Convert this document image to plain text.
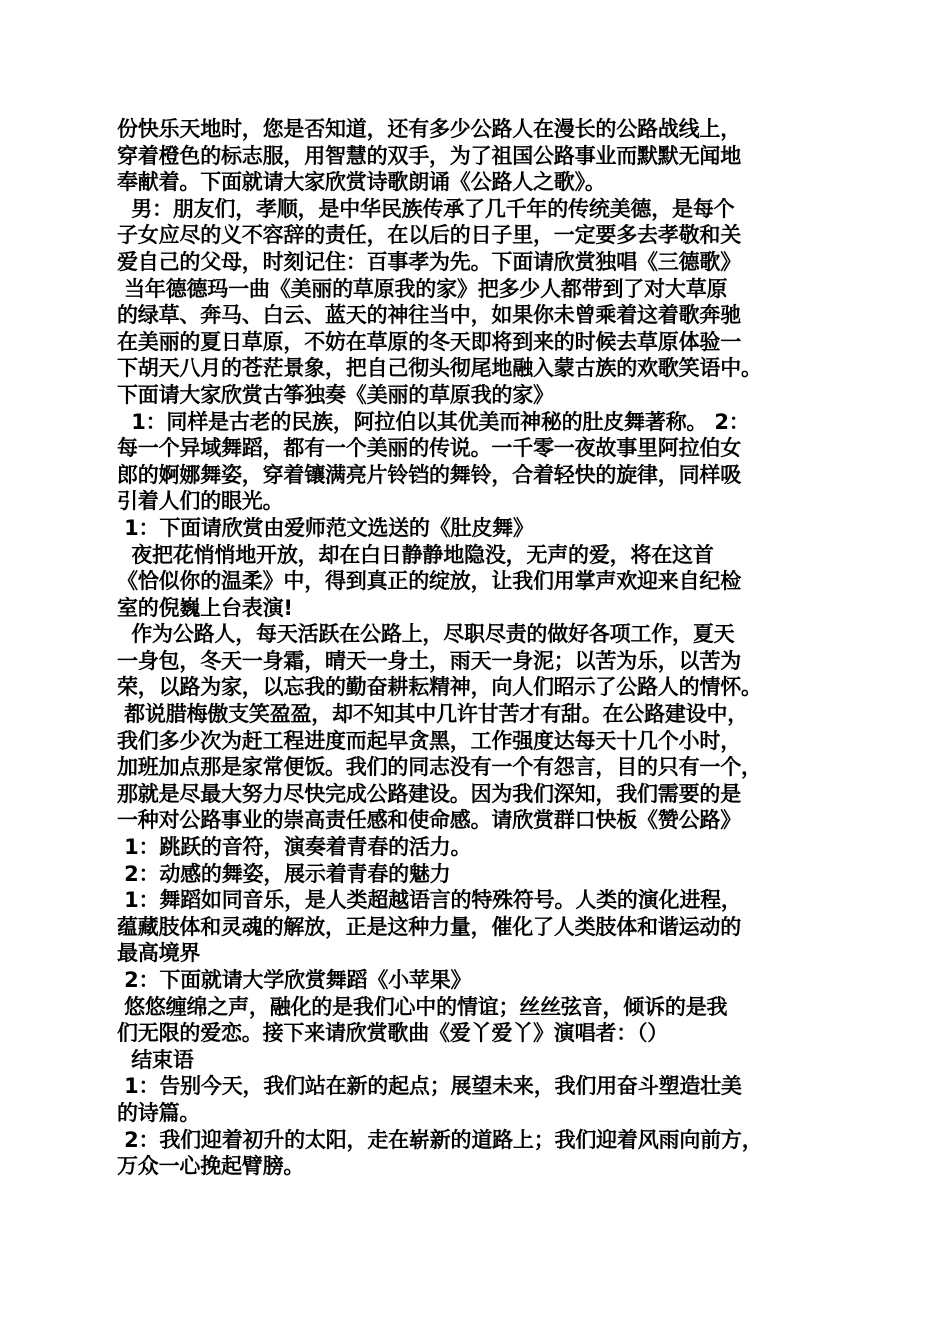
份快乐天地时，您是否知道，还有多少公路人在漫长的公路战线上，
穿着橙色的标志服，用智慧的双手，为了祖国公路事业而默默无闻地
奉献着。下面就请大家欣赏诗歌朗诵《公路人之歌》。
男：朋友们，孝顺，是中华民族传承了几千年的传统美德，是每个
子女应尽的义不容辞的责任，在以后的日子里，一定要多去孝敬和关
爱自己的父母，时刻记住：百事孝为先。下面请欣赏独唱《三德歌》
当年德德玛一曲《美丽的草原我的家》把多少人都带到了对大草原
的绿草、奔马、白云、蓝天的神往当中，如果你未曾乘着这着歌奔驰
在美丽的夏日草原，不妨在草原的冬天即将到来的时候去草原体验一
下胡天八月的苍茫景象，把自己彻头彻尾地融入蒙古族的欢歌笑语中。
下面请大家欣赏古筝独奏《美丽的草原我的家》
1：同样是古老的民族，阿拉伯以其优美而神秘的肚皮舞著称。 2：
每一个异域舞蹈，都有一个美丽的传说。一千零一夜故事里阿拉伯女
郎的婀娜舞姿，穿着镶满亮片铃铛的舞铃，合着轻快的旋律，同样吸
引着人们的眼光。
1：下面请欣赏由爱师范文选送的《肚皮舞》
夜把花悄悄地开放，却在白日静静地隐没，无声的爱，将在这首
《恰似你的温柔》中，得到真正的绽放，让我们用掌声欢迎来自纪检
室的倪巍上台表演!
作为公路人，每天活跃在公路上，尽职尽责的做好各项工作，夏天
一身包，冬天一身霜，晴天一身土，雨天一身泥；以苦为乐，以苦为
荣，以路为家，以忘我的勤奋耕耘精神，向人们昭示了公路人的情怀。
都说腊梅傲支笑盈盈，却不知其中几许甘苦才有甜。在公路建设中，
我们多少次为赶工程进度而起早贪黑，工作强度达每天十几个小时，
加班加点那是家常便饭。我们的同志没有一个有怨言，目的只有一个，
那就是尽最大努力尽快完成公路建设。因为我们深知，我们需要的是
一种对公路事业的崇高责任感和使命感。请欣赏群口快板《赞公路》
1：跳跃的音符，演奏着青春的活力。
2：动感的舞姿，展示着青春的魅力
1：舞蹈如同音乐，是人类超越语言的特殊符号。人类的演化进程，
蕴藏肢体和灵魂的解放，正是这种力量，催化了人类肢体和谐运动的
最高境界
2：下面就请大学欣赏舞蹈《小苹果》
悠悠缠绵之声，融化的是我们心中的情谊；丝丝弦音，倾诉的是我
们无限的爱恋。接下来请欣赏歌曲《爱丫爱丫》演唱者：（）
结束语
1：告别今天，我们站在新的起点；展望未来，我们用奋斗塑造壮美
的诗篇。
2：我们迎着初升的太阳，走在崭新的道路上；我们迎着风雨向前方，
万众一心挽起臂膀。
